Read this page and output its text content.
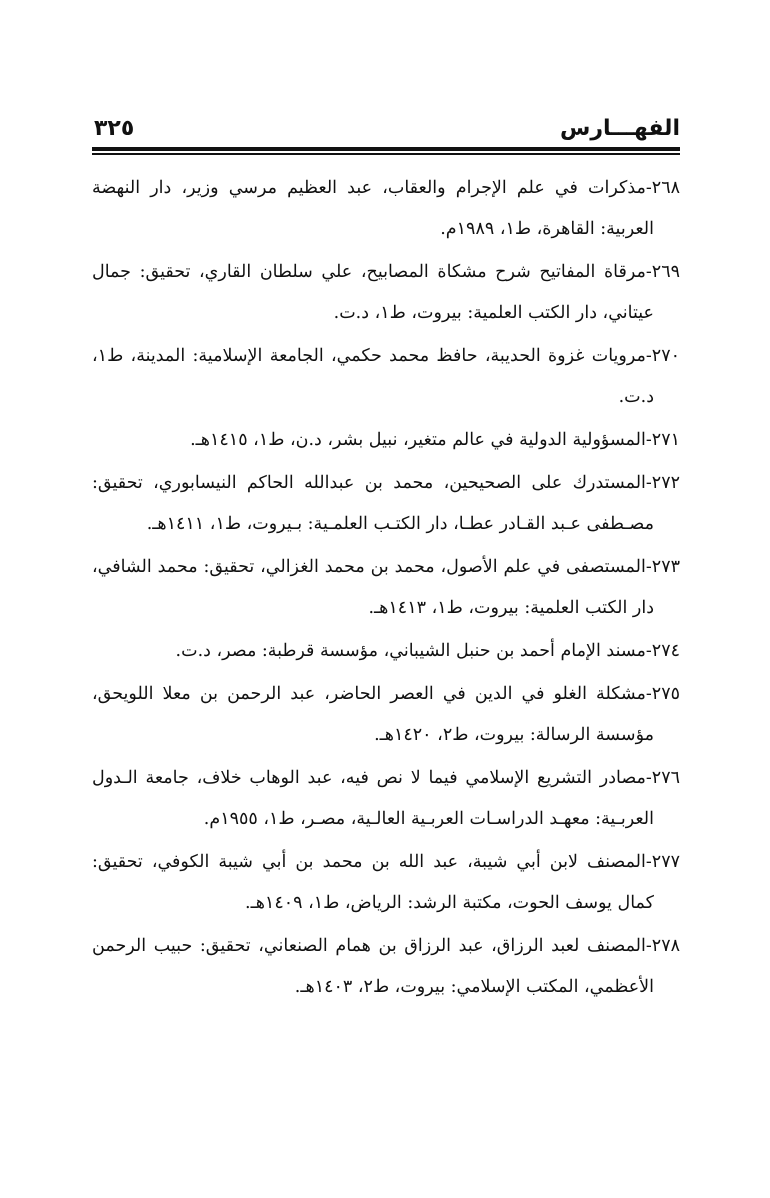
الفهـــارس
٣٢٥

٢٦٨-مذكرات في علم الإجرام والعقاب، عبد العظيم مرسي وزير، دار النهضة العربية: القاهرة، ط١، ١٩٨٩م.

٢٦٩-مرقاة المفاتيح شرح مشكاة المصابيح، علي سلطان القاري، تحقيق: جمال عيتاني، دار الكتب العلمية: بيروت، ط١، د.ت.

٢٧٠-مرويات غزوة الحديبة، حافظ محمد حكمي، الجامعة الإسلامية: المدينة، ط١، د.ت.

٢٧١-المسؤولية الدولية في عالم متغير، نبيل بشر، د.ن، ط١، ١٤١٥هـ.

٢٧٢-المستدرك على الصحيحين، محمد بن عبدالله الحاكم النيسابوري، تحقيق: مصـطفى عـبد القـادر عطـا، دار الكتـب العلمـية: بـيروت، ط١، ١٤١١هـ.

٢٧٣-المستصفى في علم الأصول، محمد بن محمد الغزالي، تحقيق: محمد الشافي، دار الكتب العلمية: بيروت، ط١، ١٤١٣هـ.

٢٧٤-مسند الإمام أحمد بن حنبل الشيباني، مؤسسة قرطبة: مصر، د.ت.

٢٧٥-مشكلة الغلو في الدين في العصر الحاضر، عبد الرحمن بن معلا اللويحق، مؤسسة الرسالة: بيروت، ط٢، ١٤٢٠هـ.

٢٧٦-مصادر التشريع الإسلامي فيما لا نص فيه، عبد الوهاب خلاف، جامعة الـدول العربـية: معهـد الدراسـات العربـية العالـية، مصـر، ط١، ١٩٥٥م.

٢٧٧-المصنف لابن أبي شيبة، عبد الله بن محمد بن أبي شيبة الكوفي، تحقيق: كمال يوسف الحوت، مكتبة الرشد: الرياض، ط١، ١٤٠٩هـ.

٢٧٨-المصنف لعبد الرزاق، عبد الرزاق بن همام الصنعاني، تحقيق: حبيب الرحمن الأعظمي، المكتب الإسلامي: بيروت، ط٢، ١٤٠٣هـ.
